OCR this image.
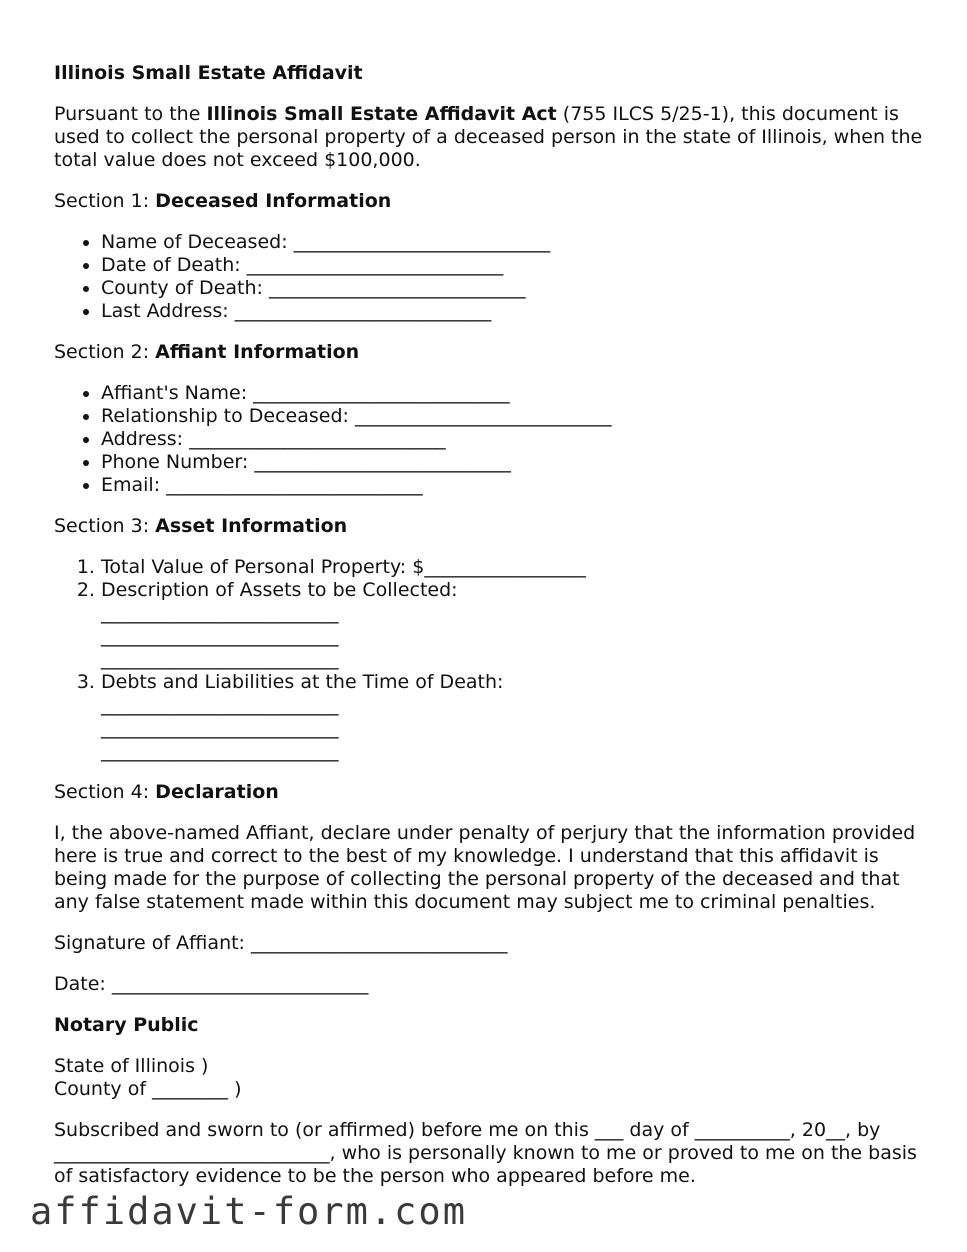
Illinois Small Estate Affidavit

Pursuant to the Illinois Small Estate Affidavit Act (755 ILCS 5/25-1), this document is used to collect the personal property of a deceased person in the state of Illinois, when the total value does not exceed $100,000.

Section 1: Deceased Information
• Name of Deceased: ___________________________
• Date of Death: ___________________________
• County of Death: ___________________________
• Last Address: ___________________________
Section 2: Affiant Information
• Affiant's Name: ___________________________
• Relationship to Deceased: ___________________________
• Address: ___________________________
• Phone Number: ___________________________
• Email: ___________________________
Section 3: Asset Information
1. Total Value of Personal Property: $_________________
2. Description of Assets to be Collected:
_________________________
_________________________
_________________________
3. Debts and Liabilities at the Time of Death:
_________________________
_________________________
_________________________
Section 4: Declaration

I, the above-named Affiant, declare under penalty of perjury that the information provided here is true and correct to the best of my knowledge. I understand that this affidavit is being made for the purpose of collecting the personal property of the deceased and that any false statement made within this document may subject me to criminal penalties.

Signature of Affiant: ___________________________

Date: ___________________________

Notary Public

State of Illinois )
County of ________ )

Subscribed and sworn to (or affirmed) before me on this ___ day of __________, 20__, by _____________________________, who is personally known to me or proved to me on the basis of satisfactory evidence to be the person who appeared before me.

affidavit-form.com
